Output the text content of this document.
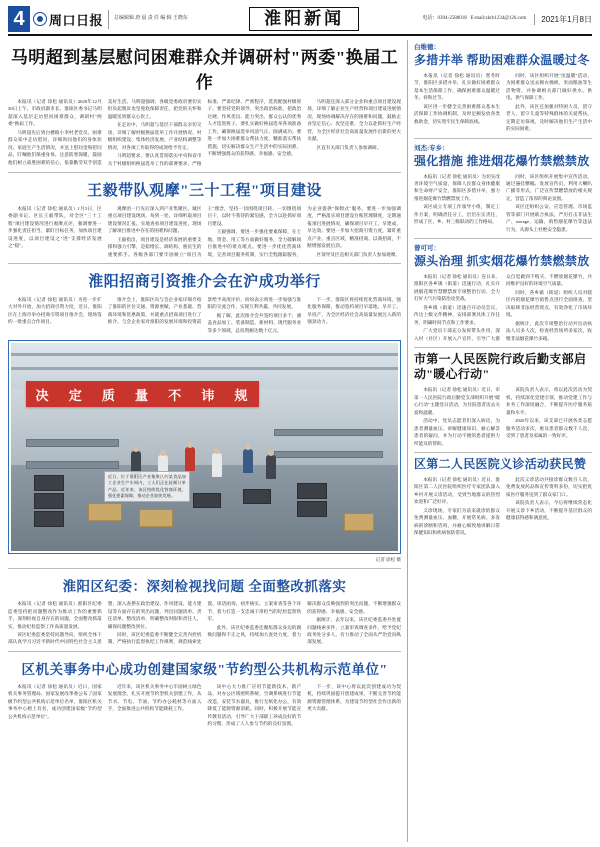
4	周口日报 总编辑辑 唐 晨 责 任 编 辑 王晓东	淮阳新闻	电话：0394-2588018 E-mail:zkrb1234@126.com	2021年1月8日
马明超到基层慰问困难群众并调研村"两委"换届工作

本报讯（记者 徐松 通讯员）2020年12月30日上午，市政府副市长、淮阳区委书记马明超深入基层走访慰问困难群众，调研村"两委"换届工作。

马明超先后到白楼镇小李村老党员、困难群众家中走访慰问，详细询问他们的身体状况、家庭生产生活情况，并送上慰问金和慰问品，叮嘱他们保重身体、注意防寒保暖，鼓励他们树立战胜困难的信心，依靠勤劳双手创造美好生活。马明超强调，各级党委政府要切实担负起脱贫攻坚兜底保障责任，把党的关怀和温暖送到群众心坎上。

在走访中，马明超与基层干部群众亲切交谈，详细了解村级换届选举工作开展情况、村级组织建设、集体经济发展、产业结构调整等情况，对各项工作取得的成效给予肯定。

马明超要求，要认真贯彻落实中央和省市关于村级组织换届选举工作的部署要求，严格标准、严肃纪律、严密程序，选优配强村级班子。要坚持党的领导，突出政治标准，把政治过硬、作风优良、能力突出、群众公认的优秀人才选进班子。要扎实做好换届选举各项准备工作，确保换届选举风清气正、圆满成功。要进一步加大困难群众帮扶力度，精准落实帮扶措施，切实解决群众生产生活中的实际困难，不断增强群众的获得感、幸福感、安全感。

马明超还深入部分企业和重点项目建设现场，详细了解企业生产经营和项目建设进展情况，现场协调解决存在的困难和问题，鼓励企业坚定信心、攻坚克难，全力以赴抓好生产经营，为全区经济社会高质量发展作出新的更大贡献。

区直有关部门负责人参加调研。

王毅带队观摩"三十工程"项目建设

本报讯（记者 徐松 通讯员）1月5日，区委副书记、区长王毅带队，对全区"三十工程"项目建设情况进行观摩点评，强调要进一步强化责任担当，紧盯目标任务，加快项目建设进度，以项目建设之"进"支撑经济发展之"稳"。

观摩团一行先后深入到产业集聚区、城区重点项目建设现场，每到一处，详细听取项目建设情况汇报，实地查看项目建设进度，现场了解项目推进中存在的困难和问题。

王毅指出，项目建设是经济发展的重要支撑和强力引擎，是稳增长、调结构、惠民生的重要抓手。各级各部门要牢固树立"项目为王"理念，坚持一切围绕项目转、一切围绕项目干，以时不我待的紧迫感，全力以赴抓好项目建设。

王毅强调，要进一步强化要素保障，在土地、资金、用工等方面做好服务，全力破解项目推进中的难点堵点。要进一步优化营商环境，完善项目服务机制，实行全程跟踪服务，为企业提供"保姆式"服务。要进一步加强调度，严格落实项目建设台账管理制度，定期通报项目进展情况，确保项目早开工、早建成、早达效。要进一步加大招商引资力度，紧盯重点产业、重点区域，精准招商、以商招商，不断增强发展后劲。

区领导及区直相关部门负责人参加观摩。

淮阳招商引资推介会在沪成功举行

本报讯（记者 徐松 通讯员）为进一步扩大对外开放，加大招商引资力度，近日，淮阳区在上海市举办招商引资项目推介会，现场签约一批重点合作项目。

推介会上，淮阳区向与会企业家详细介绍了淮阳的区位交通、资源禀赋、产业基础、营商环境和优惠政策，并就重点招商项目进行了推介。与会企业家对淮阳的发展环境和投资前景给予高度评价，纷纷表示将进一步加强与淮阳的交流合作，实现互利共赢、共同发展。

据了解，此次推介会共签约项目多个，涵盖食品加工、装备制造、新材料、现代服务业等多个领域，总投资额达数十亿元。

下一步，淮阳区将持续优化营商环境，强化服务保障，推动签约项目早落地、早开工、早投产，为全区经济社会高质量发展注入新的强劲动力。

决 定 质 量 不 讳 规
近日，位于淮阳区产业集聚区的某食品加工企业生产车间内，工人们正在赶制订单产品。近年来，该区持续优化营商环境，强化要素保障，推动企业加快发展。
记者 徐松 摄
淮阳区纪委：深刻检视找问题 全面整改抓落实

本报讯（记者 徐松 通讯员）淮阳区纪委监委坚持把问题整改作为推动工作的重要抓手，深刻检视自身存在的问题，全面整改抓落实，推动纪检监察工作高质量发展。

该区纪委监委坚持问题导向，组织全体干部认真学习习近平新时代中国特色社会主义思想，深入查摆在政治建设、作风建设、能力建设等方面存在的突出问题，列出问题清单、责任清单、整改清单，明确整改时限和责任人，确保问题整改到位。

同时，该区纪委监委不断健全完善内控机制，严格执行监督执纪工作规则，规范线索处置、谈话函询、初步核实、立案审查等各个环节，着力打造一支忠诚干净担当的纪检监察铁军。

此外，该区纪委监委还聚焦群众身边的腐败问题和不正之风，持续加大查处力度，着力解决群众反映强烈的突出问题，不断增强群众的获得感、幸福感、安全感。

据统计，去年以来，该区纪委监委共处置问题线索多件，立案审查调查多件，给予党纪政务处分多人，有力推动了全面从严治党向纵深发展。

区机关事务中心成功创建国家级"节约型公共机构示范单位"

本报讯（记者 徐松 通讯员）近日，国家机关事务管理局、国家发展改革委公布了国家级节约型公共机构示范单位名单，淮阳区机关事务中心榜上有名，成功创建国家级"节约型公共机构示范单位"。

近年来，该区机关事务中心牢固树立绿色发展理念，扎实开展节约型机关创建工作，从节水、节电、节油、节约办公耗材等方面入手，全面推进公共机构节能降耗工作。

该中心大力推广应用节能新技术、新产品，对办公区域照明系统、空调系统进行节能改造，安装节水器具，推行无纸化办公，有效降低了能源资源消耗。同时，积极开展节能宣传教育活动，引导广大干部职工养成良好的节约习惯，形成了人人参与节约的良好氛围。

下一步，该中心将以此次创建成功为契机，持续巩固提升创建成果，不断完善节约能源资源管理体系，为建设节约型社会作出新的更大贡献。

白维德：
多措并举 帮助困难群众温暖过冬

本报讯（记者 徐松 通讯员）寒冬时节，淮阳区多措并举，扎实做好困难群众基本生活保障工作，确保困难群众温暖过冬、祥和过节。

该区进一步健全完善困难群众基本生活保障工作协调机制，及时足额发放各类救助金，切实兜牢民生保障底线。

同时，该区组织开展"送温暖"活动，为困难群众送去棉衣棉被、米面粮油等生活物资，并协调相关部门做好供水、供电、供气保障工作。

此外，该区还加强对特困人员、留守老人、留守儿童等特殊群体的关爱帮扶，定期走访探视，及时解决他们生产生活中的实际困难。

刘杰:专乡：
强化措施 推进烟花爆竹禁燃禁放

本报讯（记者 徐松 通讯员）为切实改善环境空气质量，保障人民群众身体健康和生命财产安全，淮阳区多措并举，强力推进烟花爆竹禁燃禁放工作。

该区成立专项工作领导小组，制定工作方案，明确责任分工，层层压实责任，形成了区、乡、村三级联动的工作格局。

同时，该区组织开展集中宣传活动，通过悬挂横幅、发放宣传页、利用大喇叭广播等形式，广泛宣传禁燃禁放的相关规定，营造了浓厚的舆论氛围。

该区还组织公安、应急管理、市场监管等部门开展联合执法，严厉打击非法生产、storage、运输、销售烟花爆竹等违法行为，从源头上杜绝安全隐患。

曾可可：
源头治理 抓实烟花爆竹禁燃禁放

本报讯（记者 徐松 通讯员）连日来，淮阳区各乡镇（街道）迅速行动，扎实开展烟花爆竹禁燃禁放专项整治行动，全力打好大气污染防治攻坚战。

各乡镇（街道）迅速召开动员会议，传达上级文件精神，安排部署具体工作任务，明确时间节点和工作要求。

广大党员干部充分发挥带头作用，深入村（社区）开展入户宣传，引导广大群众自觉做到不购买、不燃放烟花爆竹，共同维护良好的环境空气质量。

同时，各乡镇（街道）组织人员对辖区内的烟花爆竹销售点进行全面排查，坚决取缔非法经营窝点，有效净化了市场环境。

据统计，此次专项整治行动共出动执法人员多人次，检查经营场所多家次，收缴非法烟花爆竹多箱。

市第一人民医院行政后勤支部启动"暖心行动"

本报讯（记者 徐松 通讯员）近日，市第一人民医院行政后勤党支部组织开展"暖心行动"主题党日活动，为住院患者送去关爱和温暖。

活动中，党员志愿者们深入病房，为患者测量血压、讲解健康知识，耐心解答患者的疑问，并为行动不便的患者提供力所能及的帮助。

该院负责人表示，将以此次活动为契机，持续深化党建引领，推动党建工作与业务工作深度融合，不断提升医疗服务质量和水平。

2020年以来，该支部已开展各类志愿服务活动多次，惠及患者群众数千人次，受到了患者及家属的一致好评。

区第二人民医院义诊活动获民赞

本报讯（记者 徐松 通讯员）近日，淮阳区第二人民医院组织医疗专家团队深入乡村开展义诊活动，受到当地群众的热烈欢迎和广泛好评。

义诊现场，专家们为前来就诊的群众免费测量血压、血糖，开展常见病、多发病的诊断和咨询，并耐心细致地讲解日常保健知识和疾病预防常识。

此次义诊活动共接诊群众数百人次，免费发放药品和宣传资料多份，切实把优质医疗服务送到了群众家门口。

该院负责人表示，今后将继续常态化开展义诊下乡活动，不断提升基层群众的健康获得感和满意度。
